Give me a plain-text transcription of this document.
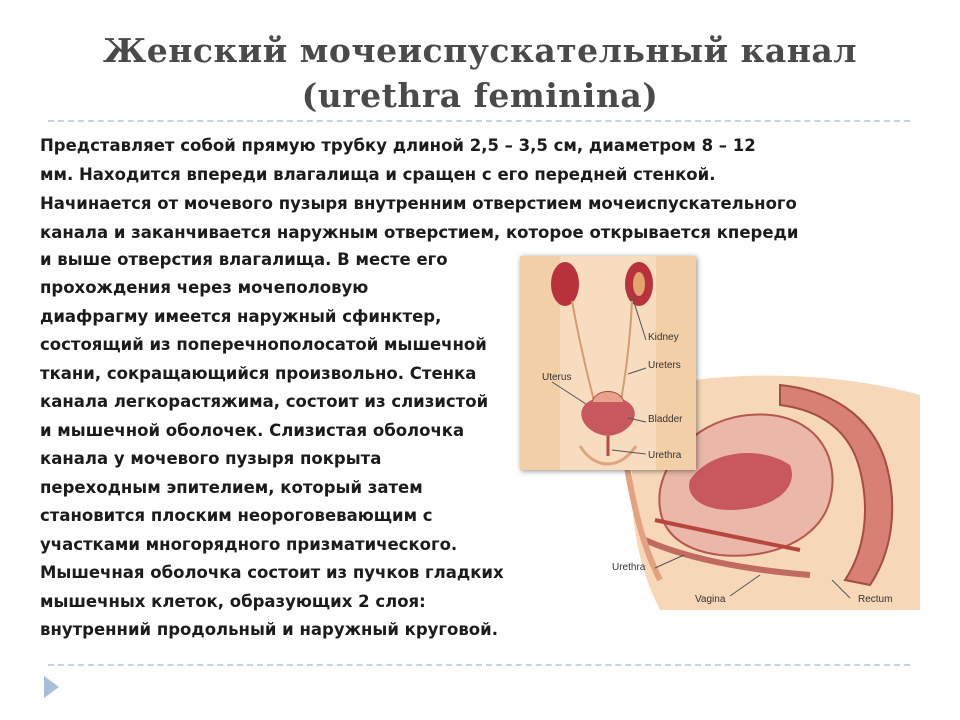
Женский мочеиспускательный канал
(urethra feminina)
Представляет собой прямую трубку длиной 2,5 – 3,5 см, диаметром 8 – 12
мм. Находится впереди влагалища и сращен с его передней стенкой.
Начинается от мочевого пузыря внутренним отверстием мочеиспускательного
канала и заканчивается наружным отверстием, которое открывается кпереди
и выше отверстия влагалища. В месте его
прохождения через мочеполовую
диафрагму имеется наружный сфинктер,
состоящий из поперечнополосатой мышечной
ткани, сокращающийся произвольно. Стенка
канала легкорастяжима, состоит из слизистой
и мышечной оболочек. Слизистая оболочка
канала у мочевого пузыря покрыта
переходным эпителием, который затем
становится плоским неороговевающим с
участками многорядного призматического.
Мышечная оболочка состоит из пучков гладких
мышечных клеток, образующих 2 слоя:
внутренний продольный и наружный круговой.
Urethra
Vagina	Rectum
Uterus
Kidney
Ureters
Bladder
Urethra
